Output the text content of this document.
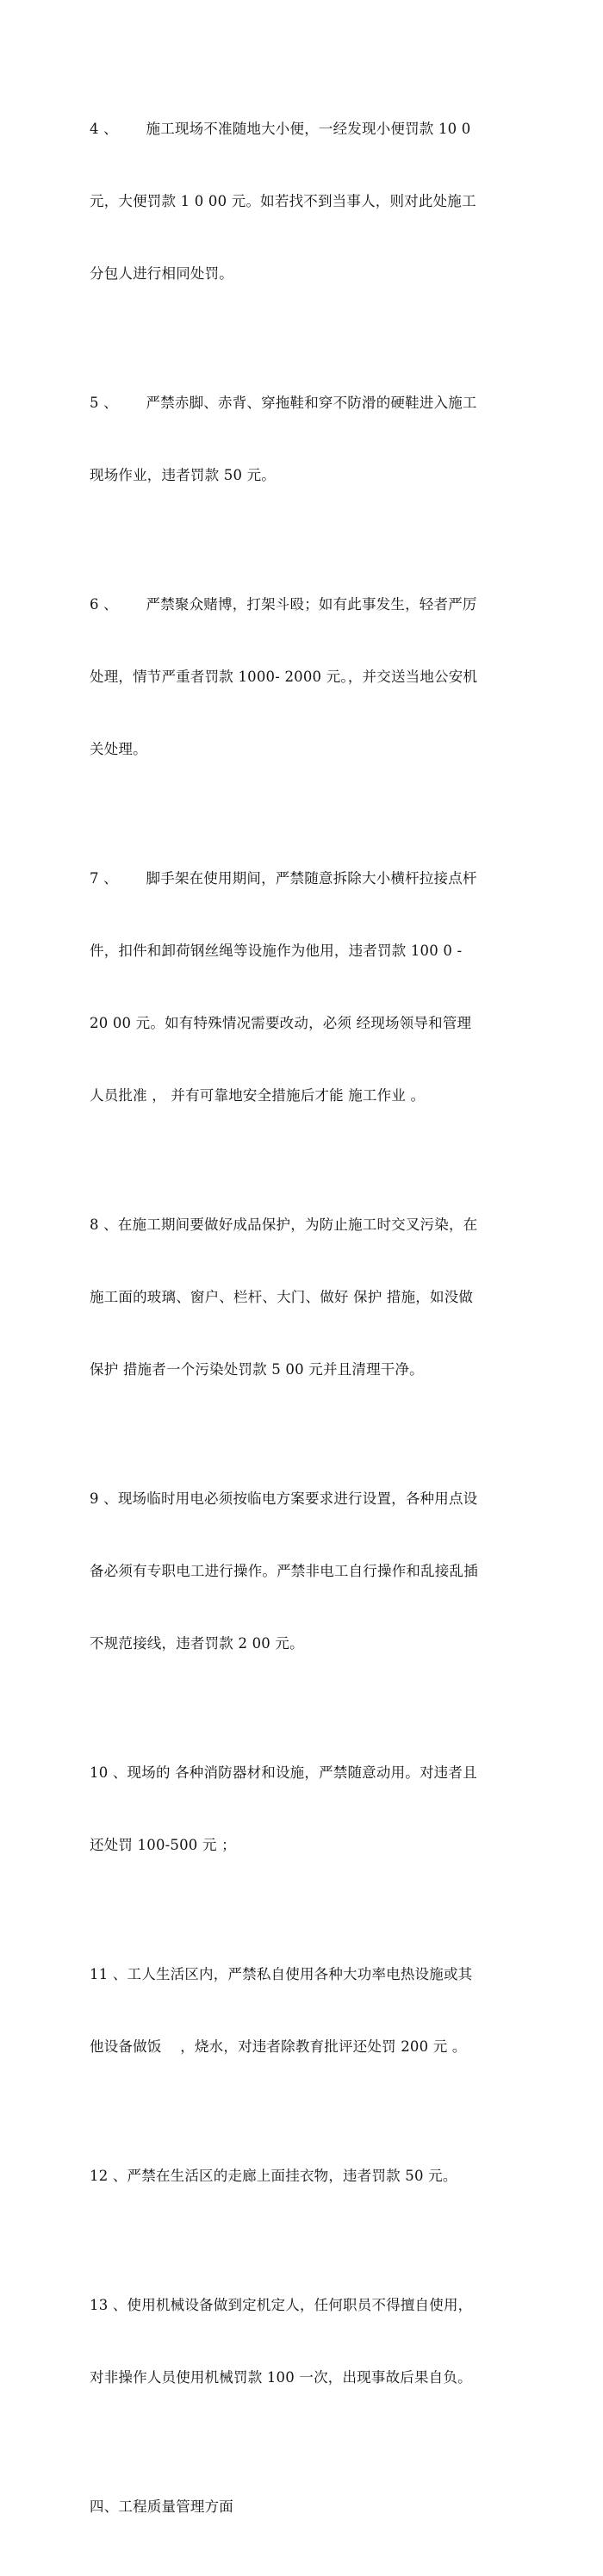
4 、      施工现场不准随地大小便，一经发现小便罚款 10 0

元，大便罚款 1 0 00 元。如若找不到当事人，则对此处施工

分包人进行相同处罚。

5 、      严禁赤脚、赤背、穿拖鞋和穿不防滑的硬鞋进入施工

现场作业，违者罚款 50 元。

6 、      严禁聚众赌博，打架斗殴；如有此事发生，轻者严厉

处理，情节严重者罚款 1000- 2000 元。，并交送当地公安机

关处理。

7 、      脚手架在使用期间，严禁随意拆除大小横杆拉接点杆

件，扣件和卸荷钢丝绳等设施作为他用，违者罚款 100 0 -

20 00 元。如有特殊情况需要改动，必须 经现场领导和管理

人员批准 ， 并有可靠地安全措施后才能 施工作业 。

8 、在施工期间要做好成品保护，为防止施工时交叉污染，在

施工面的玻璃、窗户、栏杆、大门、做好 保护 措施，如没做

保护 措施者一个污染处罚款 5 00 元并且清理干净。

9 、现场临时用电必须按临电方案要求进行设置，各种用点设

备必须有专职电工进行操作。严禁非电工自行操作和乱接乱插

不规范接线，违者罚款 2 00 元。

10 、现场的 各种消防器材和设施，严禁随意动用。对违者且

还处罚 100-500 元 ；

11 、工人生活区内，严禁私自使用各种大功率电热设施或其

他设备做饭    ，烧水，对违者除教育批评还处罚 200 元 。

12 、严禁在生活区的走廊上面挂衣物，违者罚款 50 元。

13 、使用机械设备做到定机定人，任何职员不得擅自使用，

对非操作人员使用机械罚款 100 一次，出现事故后果自负。

四、工程质量管理方面
